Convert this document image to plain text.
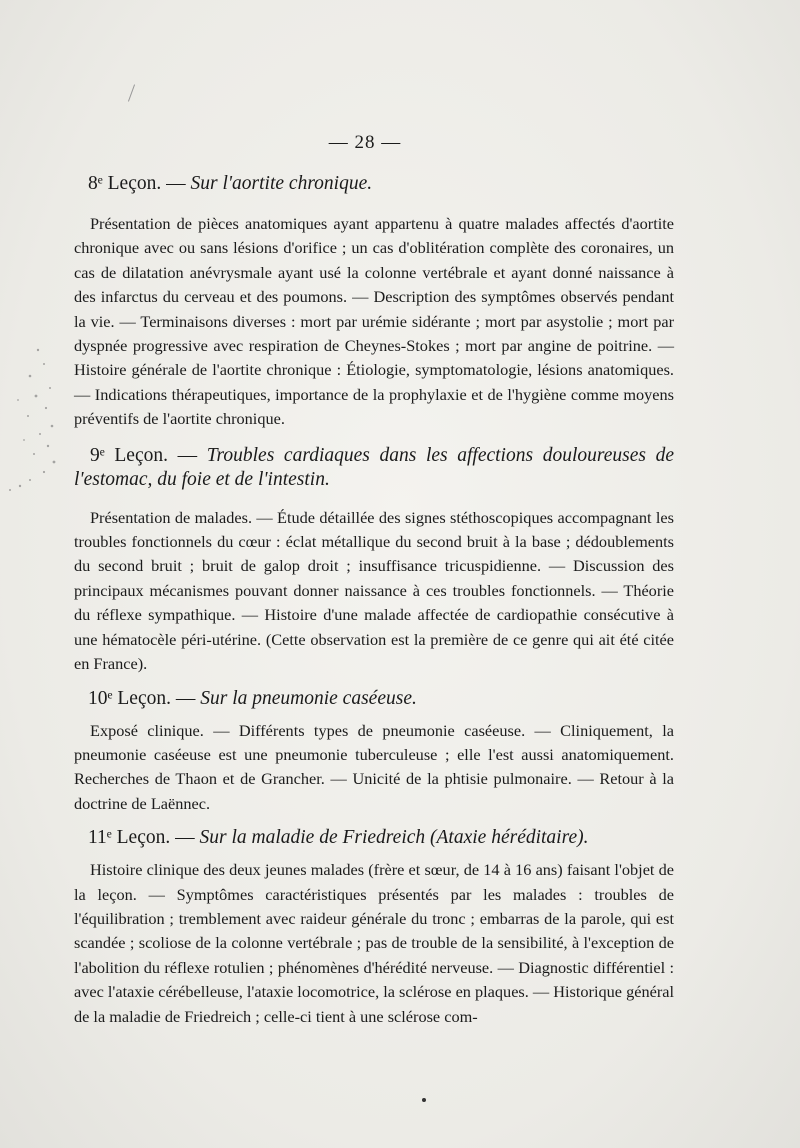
— 28 —

8ᵉ Leçon. — Sur l'aortite chronique.

Présentation de pièces anatomiques ayant appartenu à quatre malades affectés d'aortite chronique avec ou sans lésions d'orifice ; un cas d'oblitération complète des coronaires, un cas de dilatation anévrysmale ayant usé la colonne vertébrale et ayant donné naissance à des infarctus du cerveau et des poumons. — Description des symptômes observés pendant la vie. — Terminaisons diverses : mort par urémie sidérante ; mort par asystolie ; mort par dyspnée progressive avec respiration de Cheynes-Stokes ; mort par angine de poitrine. — Histoire générale de l'aortite chronique : Étiologie, symptomatologie, lésions anatomiques. — Indications thérapeutiques, importance de la prophylaxie et de l'hygiène comme moyens préventifs de l'aortite chronique.

9ᵉ Leçon. — Troubles cardiaques dans les affections douloureuses de l'estomac, du foie et de l'intestin.

Présentation de malades. — Étude détaillée des signes stéthoscopiques accompagnant les troubles fonctionnels du cœur : éclat métallique du second bruit à la base ; dédoublements du second bruit ; bruit de galop droit ; insuffisance tricuspidienne. — Discussion des principaux mécanismes pouvant donner naissance à ces troubles fonctionnels. — Théorie du réflexe sympathique. — Histoire d'une malade affectée de cardiopathie consécutive à une hématocèle péri-utérine. (Cette observation est la première de ce genre qui ait été citée en France).

10ᵉ Leçon. — Sur la pneumonie caséeuse.

Exposé clinique. — Différents types de pneumonie caséeuse. — Cliniquement, la pneumonie caséeuse est une pneumonie tuberculeuse ; elle l'est aussi anatomiquement. Recherches de Thaon et de Grancher. — Unicité de la phtisie pulmonaire. — Retour à la doctrine de Laënnec.

11ᵉ Leçon. — Sur la maladie de Friedreich (Ataxie héréditaire).

Histoire clinique des deux jeunes malades (frère et sœur, de 14 à 16 ans) faisant l'objet de la leçon. — Symptômes caractéristiques présentés par les malades : troubles de l'équilibration ; tremblement avec raideur générale du tronc ; embarras de la parole, qui est scandée ; scoliose de la colonne vertébrale ; pas de trouble de la sensibilité, à l'exception de l'abolition du réflexe rotulien ; phénomènes d'hérédité nerveuse. — Diagnostic différentiel : avec l'ataxie cérébelleuse, l'ataxie locomotrice, la sclérose en plaques. — Historique général de la maladie de Friedreich ; celle-ci tient à une sclérose com-
